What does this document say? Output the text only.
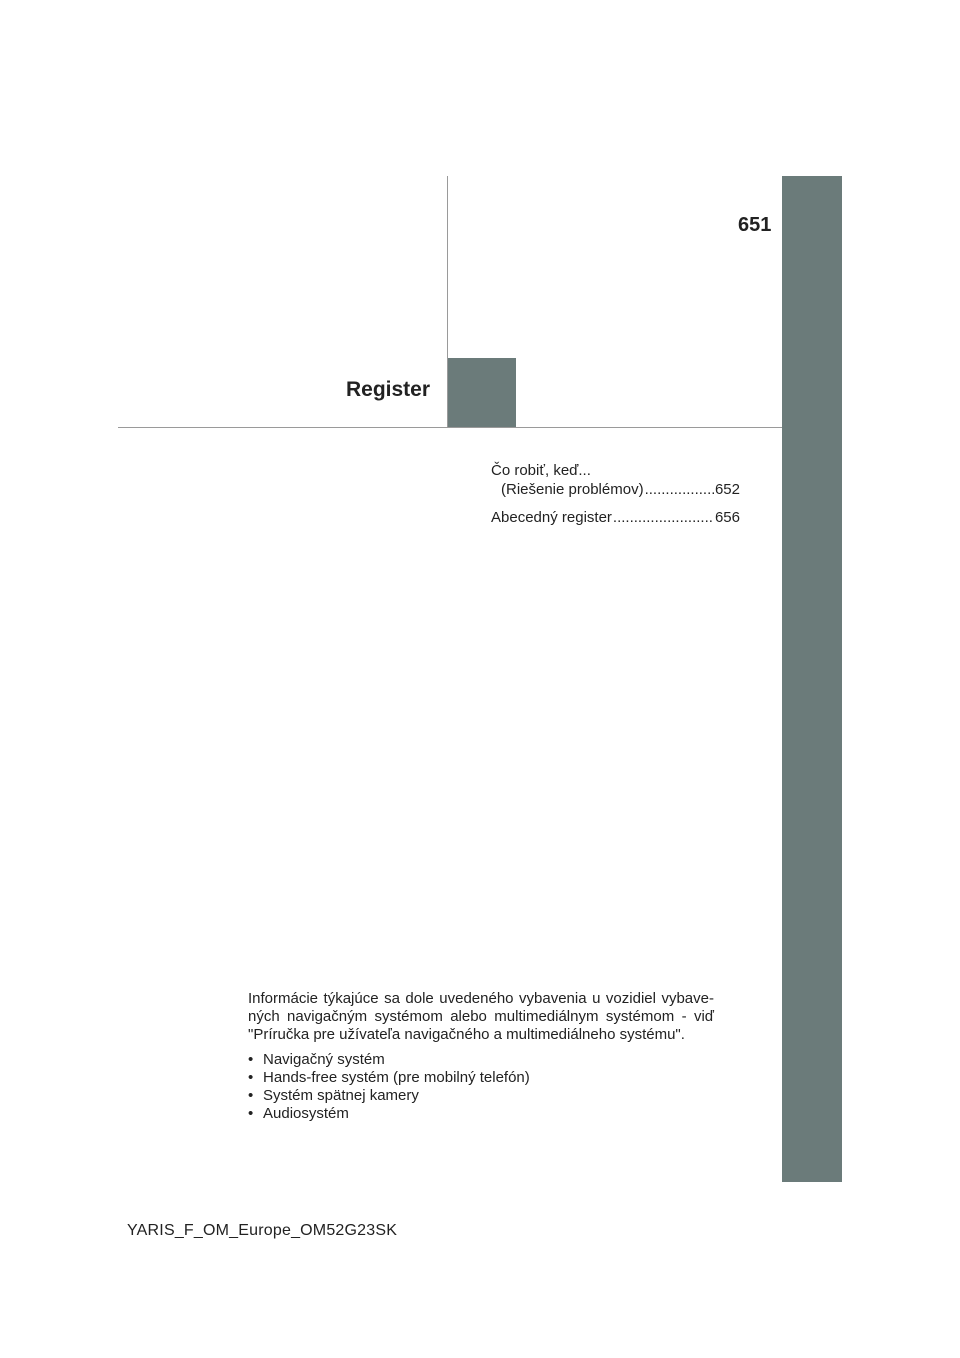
651
Register
Čo robiť, keď...
(Riešenie problémov) .....	652
Abecedný register .....	656

Informácie týkajúce sa dole uvedeného vybavenia u vozidiel vybavených navigačným systémom alebo multimediálnym systémom - viď "Príručka pre užívateľa navigačného a multimediálneho systému".

• Navigačný systém
• Hands-free systém (pre mobilný telefón)
• Systém spätnej kamery
• Audiosystém
YARIS_F_OM_Europe_OM52G23SK
